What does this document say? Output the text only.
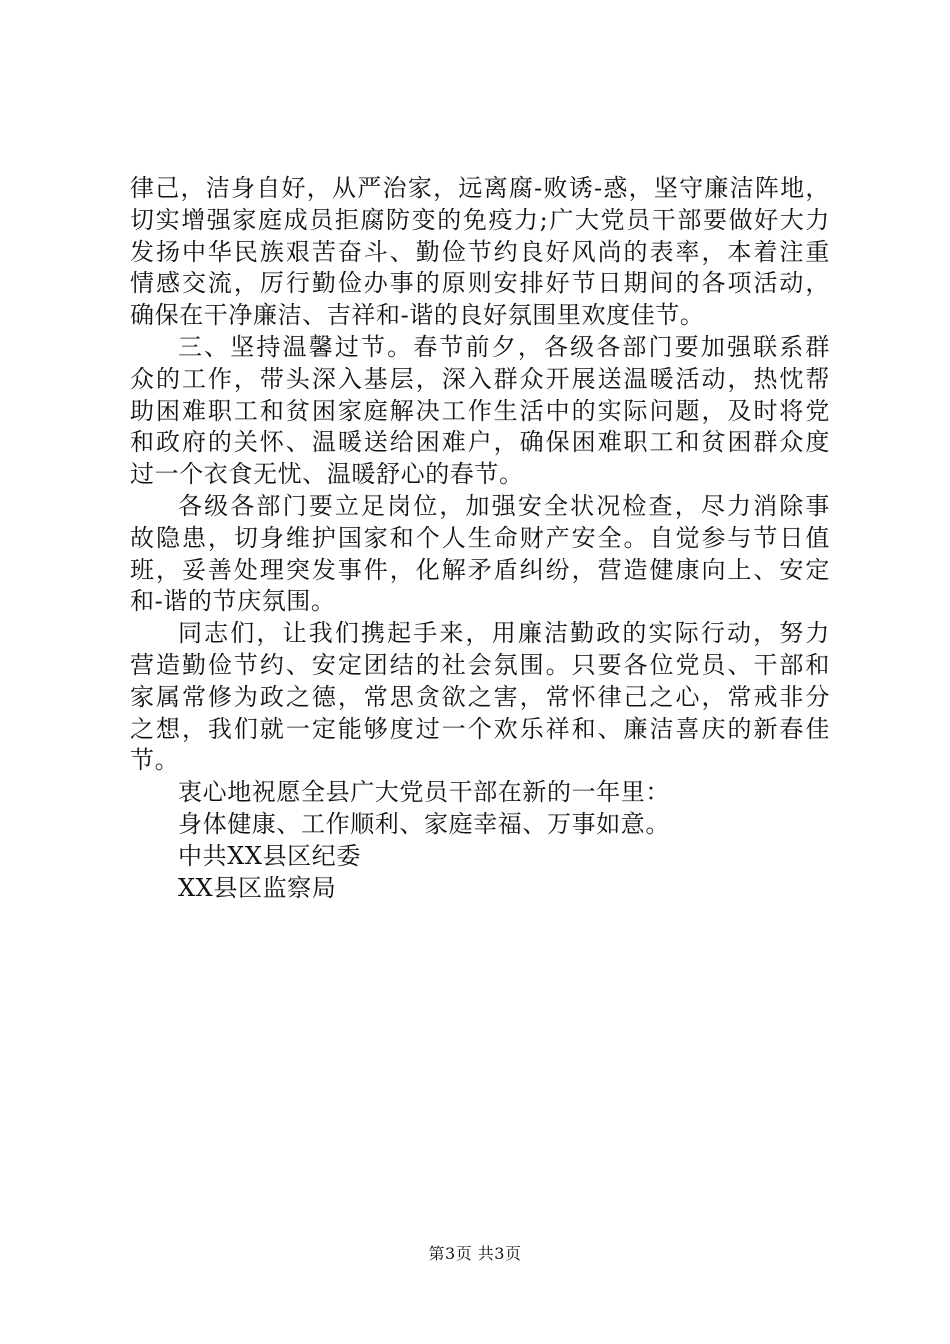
律己，洁身自好，从严治家，远离腐-败诱-惑，坚守廉洁阵地，
切实增强家庭成员拒腐防变的免疫力;广大党员干部要做好大力
发扬中华民族艰苦奋斗、勤俭节约良好风尚的表率，本着注重
情感交流，厉行勤俭办事的原则安排好节日期间的各项活动，
确保在干净廉洁、吉祥和-谐的良好氛围里欢度佳节。
三、坚持温馨过节。春节前夕，各级各部门要加强联系群
众的工作，带头深入基层，深入群众开展送温暖活动，热忱帮
助困难职工和贫困家庭解决工作生活中的实际问题，及时将党
和政府的关怀、温暖送给困难户，确保困难职工和贫困群众度
过一个衣食无忧、温暖舒心的春节。
各级各部门要立足岗位，加强安全状况检查，尽力消除事
故隐患，切身维护国家和个人生命财产安全。自觉参与节日值
班，妥善处理突发事件，化解矛盾纠纷，营造健康向上、安定
和-谐的节庆氛围。
同志们，让我们携起手来，用廉洁勤政的实际行动，努力
营造勤俭节约、安定团结的社会氛围。只要各位党员、干部和
家属常修为政之德，常思贪欲之害，常怀律己之心，常戒非分
之想，我们就一定能够度过一个欢乐祥和、廉洁喜庆的新春佳
节。
衷心地祝愿全县广大党员干部在新的一年里：
身体健康、工作顺利、家庭幸福、万事如意。
中共XX县区纪委
XX县区监察局
第3页 共3页
